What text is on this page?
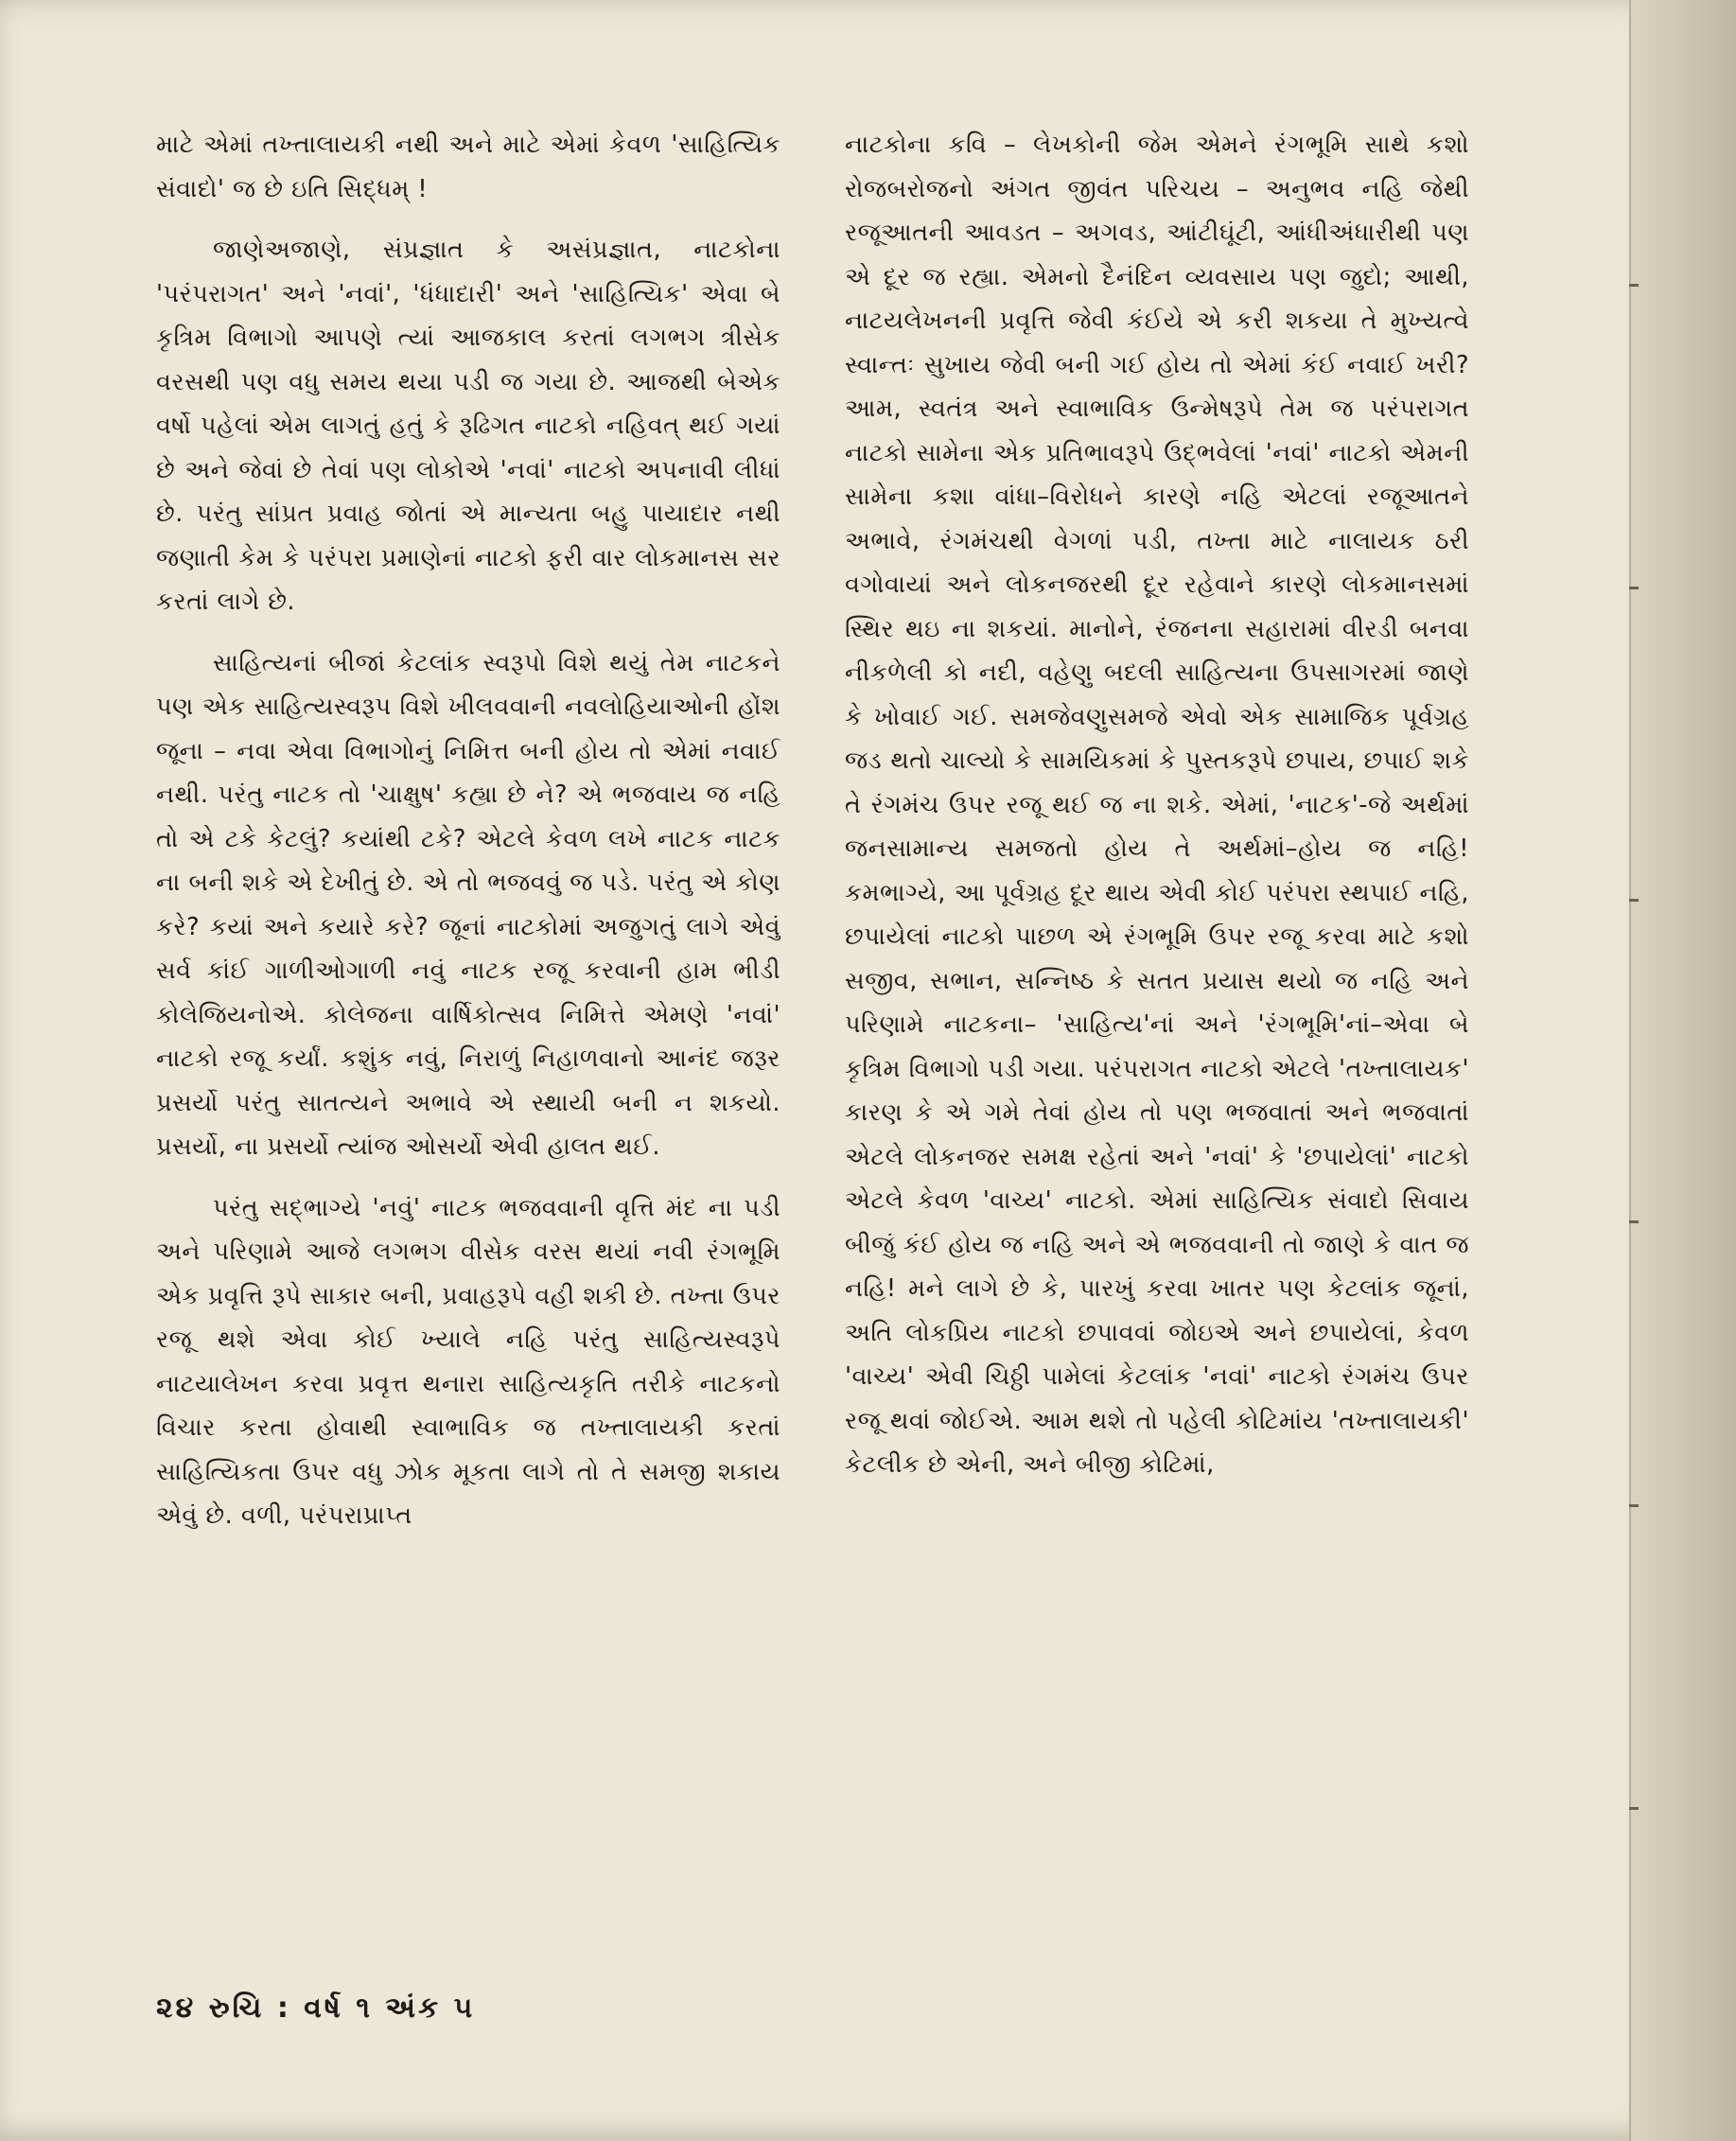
માટે એમાં તખ્તાલાયકી નથી અને માટે એમાં કેવળ 'સાહિત્યિક સંવાદો' જ છે ઇતિ સિદ્ધમ્ !

જાણેઅજાણે, સંપ્રજ્ઞાત કે અસંપ્રજ્ઞાત, નાટકોના 'પરંપરાગત' અને 'નવાં', 'ધંધાદારી' અને 'સાહિત્યિક' એવા બે કૃત્રિમ વિભાગો આપણે ત્યાં આજકાલ કરતાં લગભગ ત્રીસેક વરસથી પણ વધુ સમય થયા પડી જ ગયા છે. આજથી બેએક વર્ષો પહેલાં એમ લાગતું હતું કે રૂઢિગત નાટકો નહિવત્ થઈ ગયાં છે અને જેવાં છે તેવાં પણ લોકોએ 'નવાં' નાટકો અપનાવી લીધાં છે. પરંતુ સાંપ્રત પ્રવાહ જોતાં એ માન્યતા બહુ પાયાદાર નથી જણાતી કેમ કે પરંપરા પ્રમાણેનાં નાટકો ફરી વાર લોકમાનસ સર કરતાં લાગે છે.

સાહિત્યનાં બીજાં કેટલાંક સ્વરૂપો વિશે થયું તેમ નાટકને પણ એક સાહિત્યસ્વરૂપ વિશે ખીલવવાની નવલોહિયાઓની હોંશ જૂના – નવા એવા વિભાગોનું નિમિત્ત બની હોય તો એમાં નવાઈ નથી. પરંતુ નાટક તો 'ચાક્ષુષ' કહ્યા છે ને? એ ભજવાય જ નહિ તો એ ટકે કેટલું? કયાંથી ટકે? એટલે કેવળ લખે નાટક નાટક ના બની શકે એ દેખીતું છે. એ તો ભજવવું જ પડે. પરંતુ એ કોણ કરે? કયાં અને કયારે કરે? જૂનાં નાટકોમાં અજુગતું લાગે એવું સર્વ કાંઈ ગાળીઓગાળી નવું નાટક રજૂ કરવાની હામ ભીડી કોલેજિયનોએ. કોલેજના વાર્ષિકોત્સવ નિમિત્તે એમણે 'નવાં' નાટકો રજૂ કર્યાં. કશુંક નવું, નિરાળું નિહાળવાનો આનંદ જરૂર પ્રસર્યો પરંતુ સાતત્યને અભાવે એ સ્થાયી બની ન શકયો. પ્રસર્યો, ના પ્રસર્યો ત્યાંજ ઓસર્યો એવી હાલત થઈ.

પરંતુ સદ્ભાગ્યે 'નવું' નાટક ભજવવાની વૃત્તિ મંદ ના પડી અને પરિણામે આજે લગભગ વીસેક વરસ થયાં નવી રંગભૂમિ એક પ્રવૃત્તિ રૂપે સાકાર બની, પ્રવાહરૂપે વહી શકી છે. તખ્તા ઉપર રજૂ થશે એવા કોઈ ખ્યાલે નહિ પરંતુ સાહિત્યસ્વરૂપે નાટયાલેખન કરવા પ્રવૃત્ત થનારા સાહિત્યકૃતિ તરીકે નાટકનો વિચાર કરતા હોવાથી સ્વાભાવિક જ તખ્તાલાયકી કરતાં સાહિત્યિકતા ઉપર વધુ ઝોક મૂકતા લાગે તો તે સમજી શકાય એવું છે. વળી, પરંપરાપ્રાપ્ત

નાટકોના કવિ – લેખકોની જેમ એમને રંગભૂમિ સાથે કશો રોજબરોજનો અંગત જીવંત પરિચય – અનુભવ નહિ જેથી રજૂઆતની આવડત – અગવડ, આંટીઘૂંટી, આંધીઅંધારીથી પણ એ દૂર જ રહ્યા. એમનો દૈનંદિન વ્યવસાય પણ જુદો; આથી, નાટયલેખનની પ્રવૃત્તિ જેવી કંઈયે એ કરી શકયા તે મુખ્યત્વે સ્વાન્તઃ સુખાય જેવી બની ગઈ હોય તો એમાં કંઈ નવાઈ ખરી? આમ, સ્વતંત્ર અને સ્વાભાવિક ઉન્મેષરૂપે તેમ જ પરંપરાગત નાટકો સામેના એક પ્રતિભાવરૂપે ઉદ્ભવેલાં 'નવાં' નાટકો એમની સામેના કશા વાંધા–વિરોધને કારણે નહિ એટલાં રજૂઆતને અભાવે, રંગમંચથી વેગળાં પડી, તખ્તા માટે નાલાયક ઠરી વગોવાયાં અને લોકનજરથી દૂર રહેવાને કારણે લોકમાનસમાં સ્થિર થઇ ના શકયાં. માનોને, રંજનના સહારામાં વીરડી બનવા નીકળેલી કો નદી, વહેણુ બદલી સાહિત્યના ઉપસાગરમાં જાણે કે ખોવાઈ ગઈ. સમજેવણુસમજે એવો એક સામાજિક પૂર્વગ્રહ જડ થતો ચાલ્યો કે સામયિકમાં કે પુસ્તકરૂપે છપાય, છપાઈ શકે તે રંગમંચ ઉપર રજૂ થઈ જ ના શકે. એમાં, 'નાટક'-જે અર્થમાં જનસામાન્ય સમજતો હોય તે અર્થમાં–હોય જ નહિ! કમભાગ્યે, આ પૂર્વગ્રહ દૂર થાય એવી કોઈ પરંપરા સ્થપાઈ નહિ, છપાયેલાં નાટકો પાછળ એ રંગભૂમિ ઉપર રજૂ કરવા માટે કશો સજીવ, સભાન, સન્નિષ્ઠ કે સતત પ્રયાસ થયો જ નહિ અને પરિણામે નાટકના– 'સાહિત્ય'નાં અને 'રંગભૂમિ'નાં–એવા બે કૃત્રિમ વિભાગો પડી ગયા. પરંપરાગત નાટકો એટલે 'તખ્તાલાયક' કારણ કે એ ગમે તેવાં હોય તો પણ ભજવાતાં અને ભજવાતાં એટલે લોકનજર સમક્ષ રહેતાં અને 'નવાં' કે 'છપાયેલાં' નાટકો એટલે કેવળ 'વાચ્ય' નાટકો. એમાં સાહિત્યિક સંવાદો સિવાય બીજું કંઈ હોય જ નહિ અને એ ભજવવાની તો જાણે કે વાત જ નહિ! મને લાગે છે કે, પારખું કરવા ખાતર પણ કેટલાંક જૂનાં, અતિ લોકપ્રિય નાટકો છપાવવાં જોઇએ અને છપાયેલાં, કેવળ 'વાચ્ય' એવી ચિઠ્ઠી પામેલાં કેટલાંક 'નવાં' નાટકો રંગમંચ ઉપર રજૂ થવાં જોઈએ. આમ થશે તો પહેલી કોટિમાંય 'તખ્તાલાયકી' કેટલીક છે એની, અને બીજી કોટિમાં,

૨૪ રુચિ : વર્ષ ૧ અંક ૫
